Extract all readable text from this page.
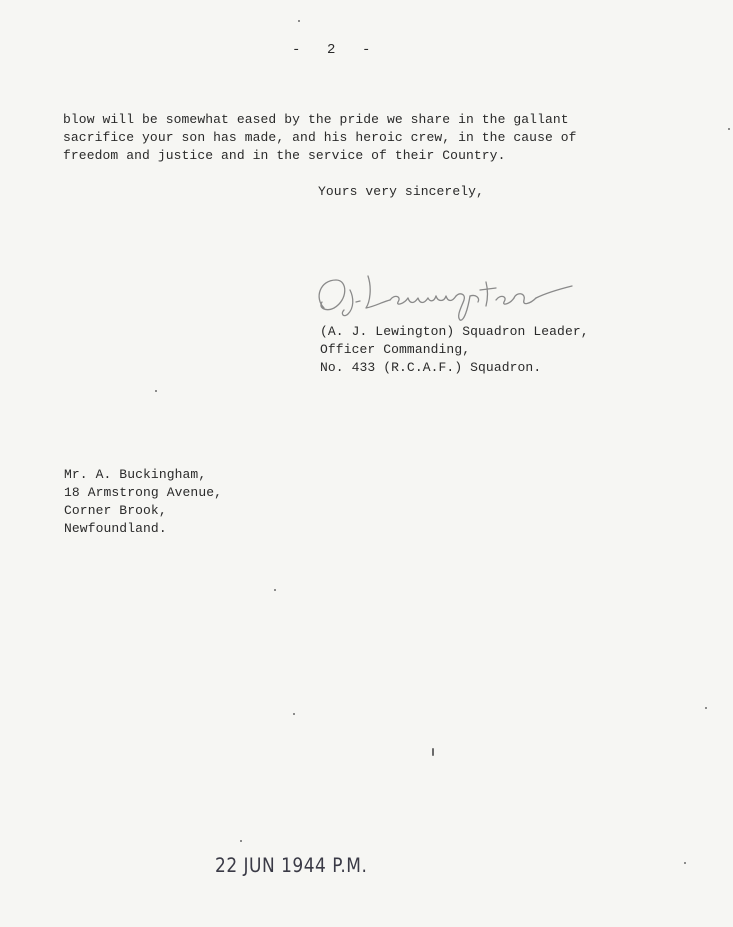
- 2 -
blow will be somewhat eased by the pride we share in the gallant
sacrifice your son has made, and his heroic crew, in the cause of
freedom and justice and in the service of their Country.
Yours very sincerely,
(A. J. Lewington) Squadron Leader,
Officer Commanding,
No. 433 (R.C.A.F.) Squadron.
Mr. A. Buckingham,
18 Armstrong Avenue,
Corner Brook,
Newfoundland.
22 JUN 1944 P.M.
